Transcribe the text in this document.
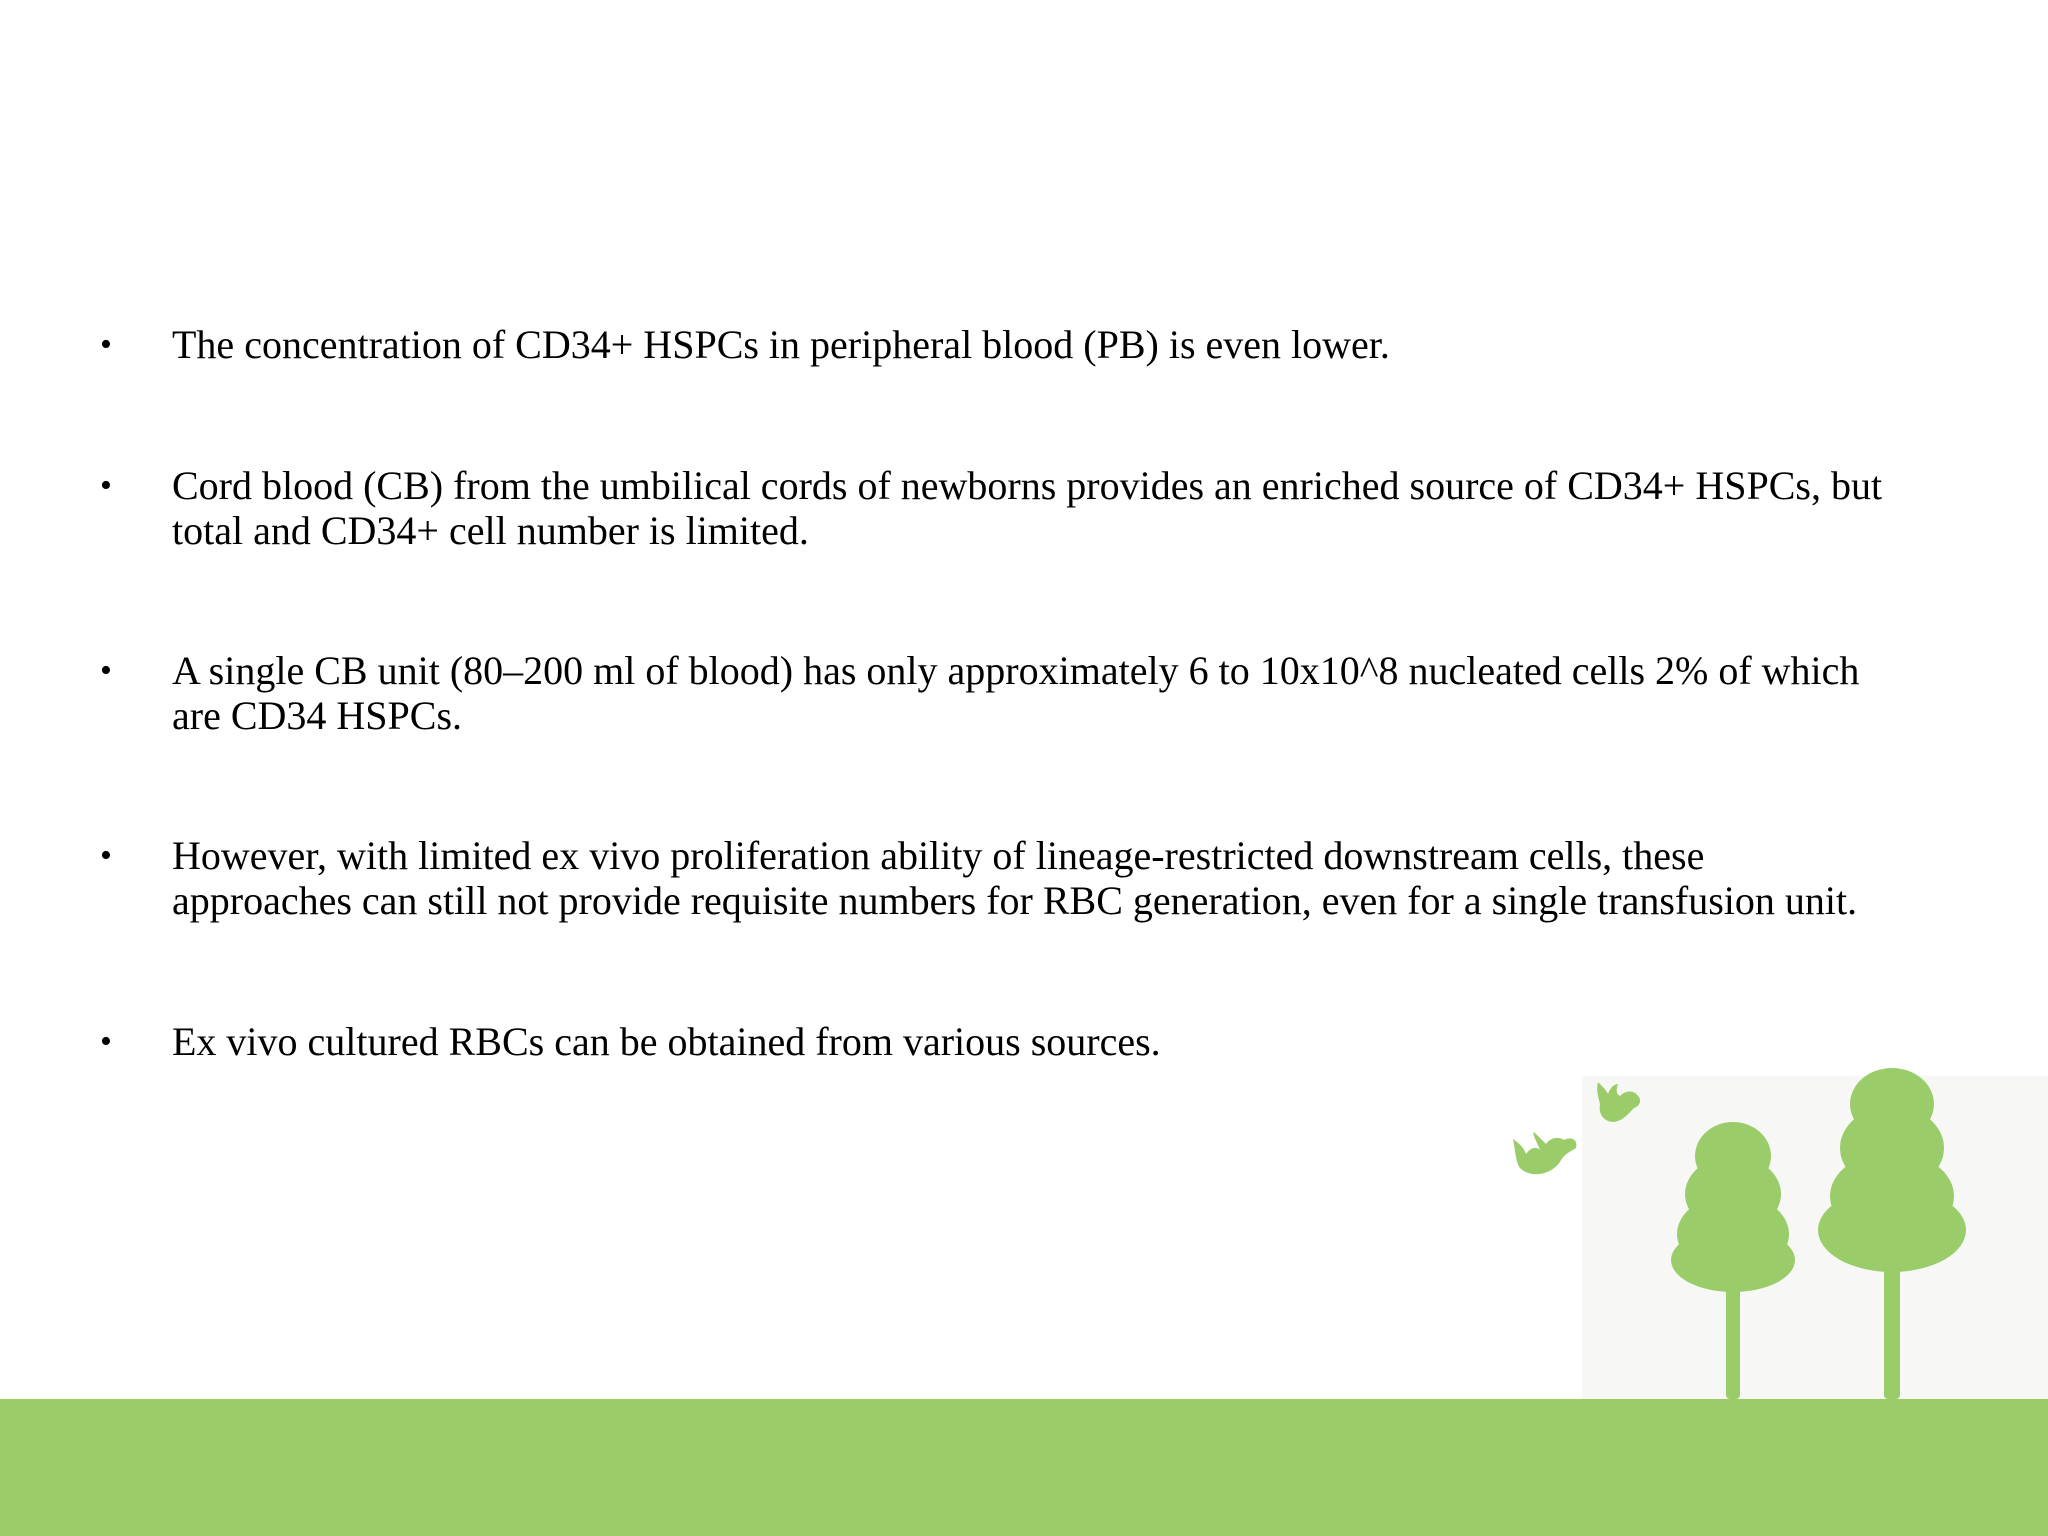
• The concentration of CD34+ HSPCs in peripheral blood (PB) is even lower.
• Cord blood (CB) from the umbilical cords of newborns provides an enriched source of CD34+ HSPCs, but
total and CD34+ cell number is limited.
• A single CB unit (80–200 ml of blood) has only approximately 6 to 10x10^8 nucleated cells 2% of which
are CD34 HSPCs.
• However, with limited ex vivo proliferation ability of lineage-restricted downstream cells, these
approaches can still not provide requisite numbers for RBC generation, even for a single transfusion unit.
• Ex vivo cultured RBCs can be obtained from various sources.
